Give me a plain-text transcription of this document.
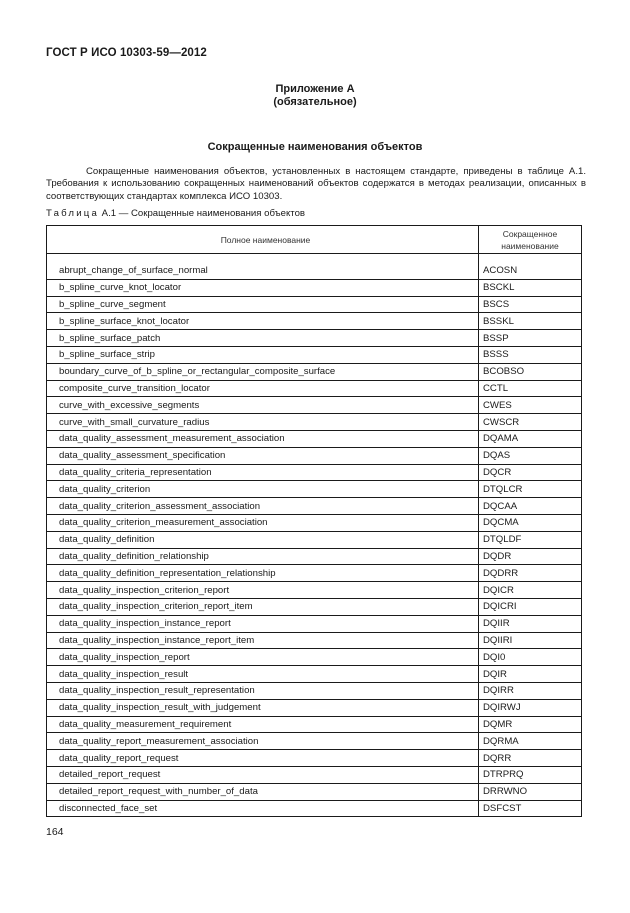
ГОСТ Р ИСО 10303-59—2012
Приложение А
(обязательное)
Сокращенные наименования объектов
Сокращенные наименования объектов, установленных в настоящем стандарте, приведены в таблице А.1. Требования к использованию сокращенных наименований объектов содержатся в методах реализации, описанных в соответствующих стандартах комплекса ИСО 10303.
Таблица А.1 — Сокращенные наименования объектов
Полное наименование	Сокращенное
наименование

abrupt_change_of_surface_normal	ACOSN
b_spline_curve_knot_locator	BSCKL
b_spline_curve_segment	BSCS
b_spline_surface_knot_locator	BSSKL
b_spline_surface_patch	BSSP
b_spline_surface_strip	BSSS
boundary_curve_of_b_spline_or_rectangular_composite_surface	BCOBSO
composite_curve_transition_locator	CCTL
curve_with_excessive_segments	CWES
curve_with_small_curvature_radius	CWSCR
data_quality_assessment_measurement_association	DQAMA
data_quality_assessment_specification	DQAS
data_quality_criteria_representation	DQCR
data_quality_criterion	DTQLCR
data_quality_criterion_assessment_association	DQCAA
data_quality_criterion_measurement_association	DQCMA
data_quality_definition	DTQLDF
data_quality_definition_relationship	DQDR
data_quality_definition_representation_relationship	DQDRR
data_quality_inspection_criterion_report	DQICR
data_quality_inspection_criterion_report_item	DQICRI
data_quality_inspection_instance_report	DQIIR
data_quality_inspection_instance_report_item	DQIIRI
data_quality_inspection_report	DQI0
data_quality_inspection_result	DQIR
data_quality_inspection_result_representation	DQIRR
data_quality_inspection_result_with_judgement	DQIRWJ
data_quality_measurement_requirement	DQMR
data_quality_report_measurement_association	DQRMA
data_quality_report_request	DQRR
detailed_report_request	DTRPRQ
detailed_report_request_with_number_of_data	DRRWNO
disconnected_face_set	DSFCST
164
